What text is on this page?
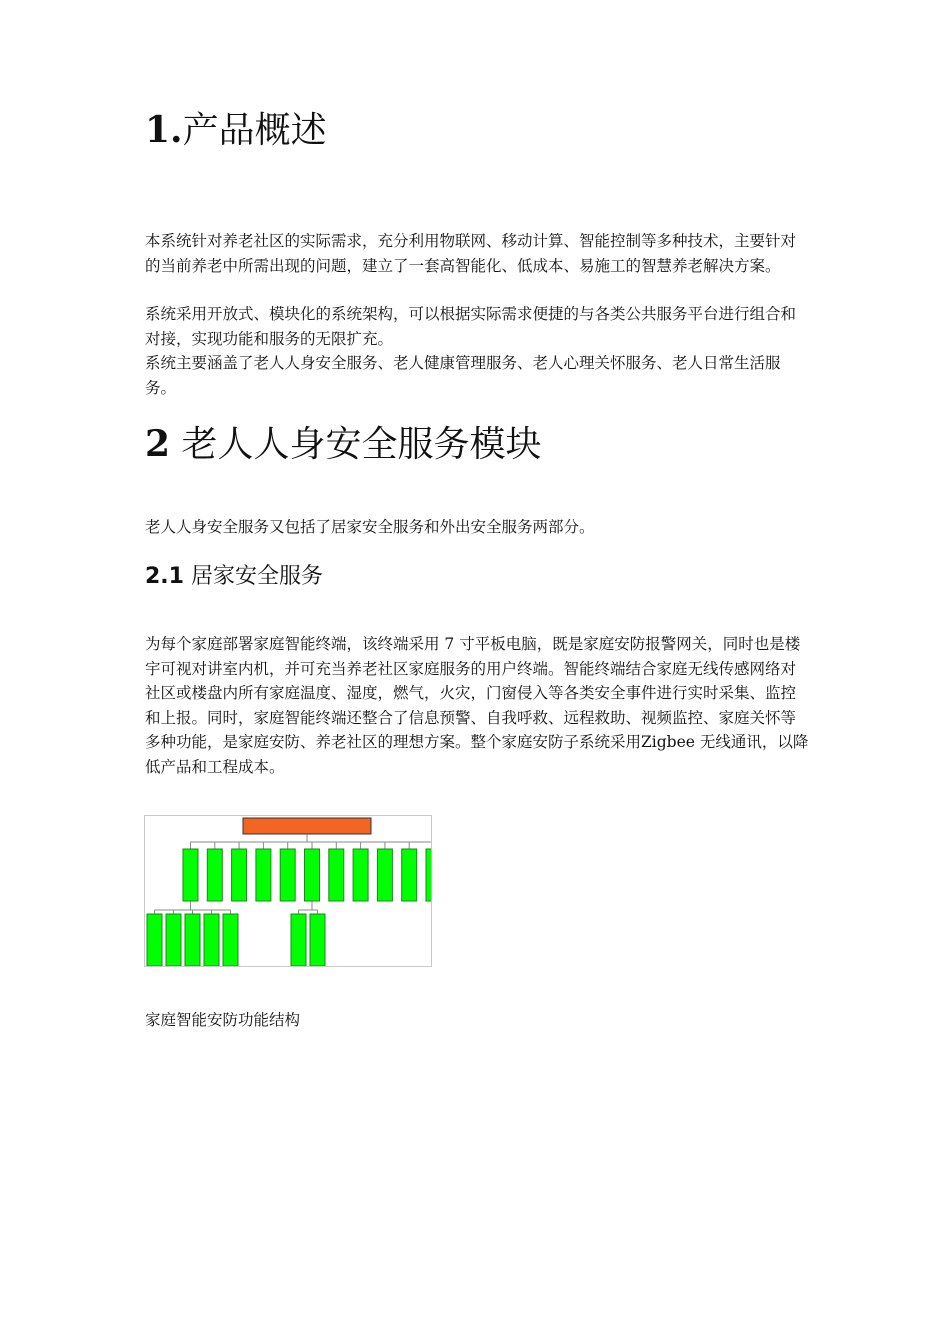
1.产品概述

本系统针对养老社区的实际需求，充分利用物联网、移动计算、智能控制等多种技术，主要针对的当前养老中所需出现的问题，建立了一套高智能化、低成本、易施工的智慧养老解决方案。

系统采用开放式、模块化的系统架构，可以根据实际需求便捷的与各类公共服务平台进行组合和对接，实现功能和服务的无限扩充。

系统主要涵盖了老人人身安全服务、老人健康管理服务、老人心理关怀服务、老人日常生活服务。

2 老人人身安全服务模块

老人人身安全服务又包括了居家安全服务和外出安全服务两部分。

2.1 居家安全服务

为每个家庭部署家庭智能终端，该终端采用 7 寸平板电脑，既是家庭安防报警网关，同时也是楼宇可视对讲室内机，并可充当养老社区家庭服务的用户终端。智能终端结合家庭无线传感网络对社区或楼盘内所有家庭温度、湿度，燃气，火灾，门窗侵入等各类安全事件进行实时采集、监控和上报。同时，家庭智能终端还整合了信息预警、自我呼救、远程救助、视频监控、家庭关怀等多种功能，是家庭安防、养老社区的理想方案。整个家庭安防子系统采用Zigbee 无线通讯，以降低产品和工程成本。

家庭智能安防功能结构
